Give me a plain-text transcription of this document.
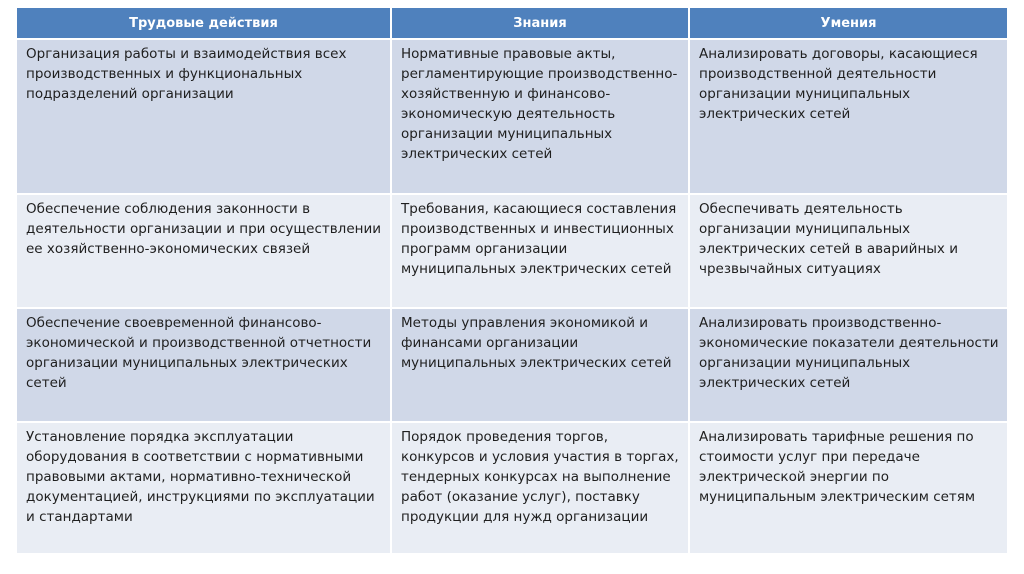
Трудовые действия	Знания	Умения
Организация работы и взаимодействия всех производственных и функциональных подразделений организации	Нормативные правовые акты, регламентирующие производственно-хозяйственную и финансово-экономическую деятельность организации муниципальных электрических сетей	Анализировать договоры, касающиеся производственной деятельности организации муниципальных электрических сетей
Обеспечение соблюдения законности в деятельности организации и при осуществлении ее хозяйственно-экономических связей	Требования, касающиеся составления производственных и инвестиционных программ организации муниципальных электрических сетей	Обеспечивать деятельность организации муниципальных электрических сетей в аварийных и чрезвычайных ситуациях
Обеспечение своевременной финансово-экономической и производственной отчетности организации муниципальных электрических сетей	Методы управления экономикой и финансами организации муниципальных электрических сетей	Анализировать производственно-экономические показатели деятельности организации муниципальных электрических сетей
Установление порядка эксплуатации оборудования в соответствии с нормативными правовыми актами, нормативно-технической документацией, инструкциями по эксплуатации и стандартами	Порядок проведения торгов, конкурсов и условия участия в торгах, тендерных конкурсах на выполнение работ (оказание услуг), поставку продукции для нужд организации	Анализировать тарифные решения по стоимости услуг при передаче электрической энергии по муниципальным электрическим сетям
